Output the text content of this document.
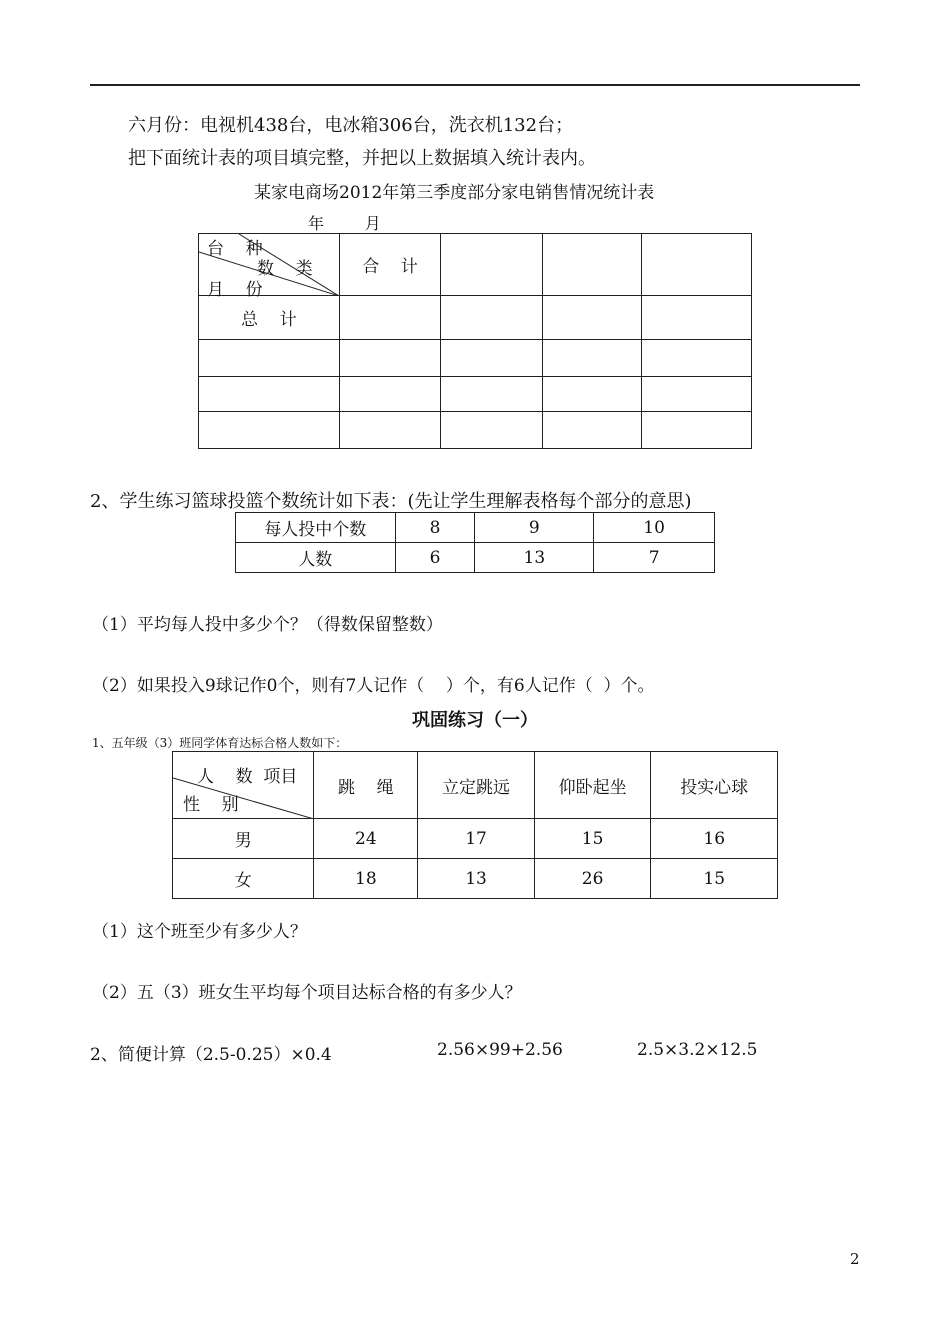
六月份：电视机438台，电冰箱306台，洗衣机132台；
把下面统计表的项目填完整，并把以上数据填入统计表内。
某家电商场2012年第三季度部分家电销售情况统计表
年        月
台    种
数    类
月    份	合    计			
总    计				

2、学生练习篮球投篮个数统计如下表：(先让学生理解表格每个部分的意思)
每人投中个数	8	9	10
人数	6	13	7
（1）平均每人投中多少个？（得数保留整数）
（2）如果投入9球记作0个，则有7人记作（    ）个，有6人记作（  ）个。
巩固练习（一）
1、五年级（3）班同学体育达标合格人数如下：
人    数  项目
性    别	跳    绳	立定跳远	仰卧起坐	投实心球
男	24	17	15	16
女	18	13	26	15
（1）这个班至少有多少人？
（2）五（3）班女生平均每个项目达标合格的有多少人？
2、简便计算（2.5-0.25）×0.4	2.56×99+2.56	2.5×3.2×12.5
2
